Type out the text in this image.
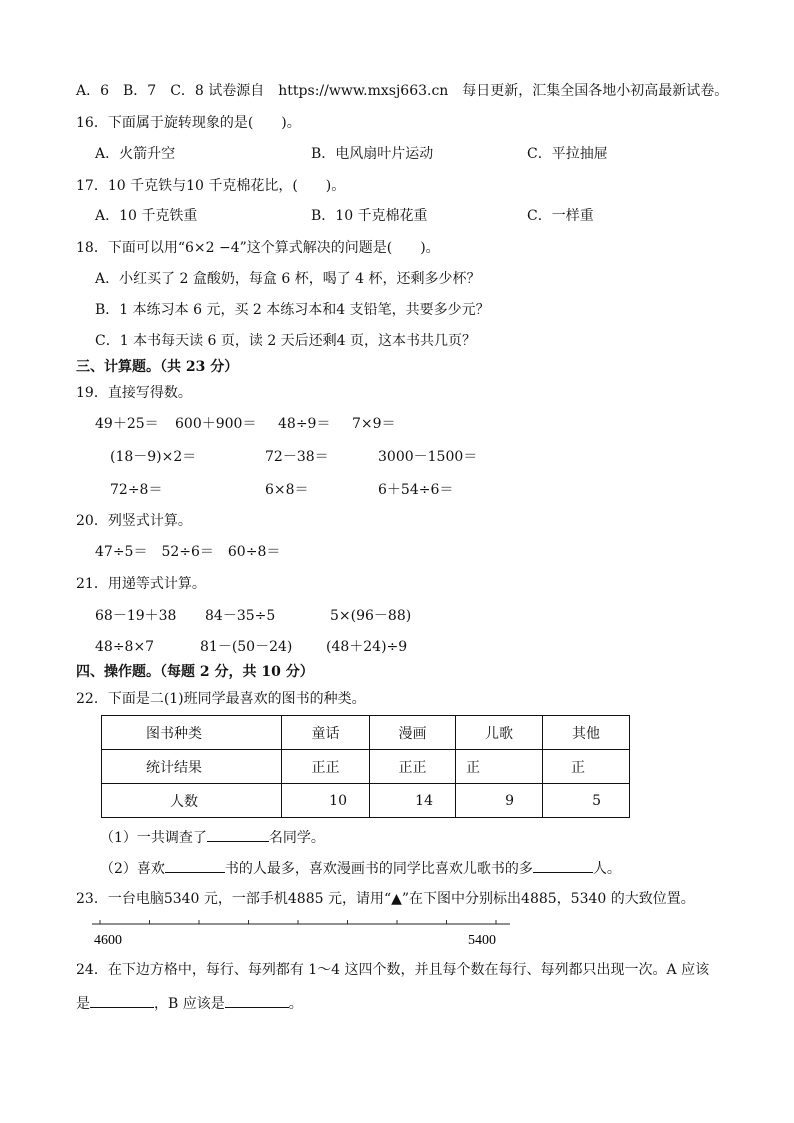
A．6　B．7　C．8 试卷源自　https://www.mxsj663.cn　每日更新，汇集全国各地小初高最新试卷。
16．下面属于旋转现象的是(　　)。
A．火箭升空	B．电风扇叶片运动	C．平拉抽屉
17．10 千克铁与10 千克棉花比，(　　)。
A．10 千克铁重	B．10 千克棉花重	C．一样重
18．下面可以用“6×2 −4”这个算式解决的问题是(　　)。
A．小红买了 2 盒酸奶，每盒 6 杯，喝了 4 杯，还剩多少杯？
B．1 本练习本 6 元，买 2 本练习本和4 支铅笔，共要多少元？
C．1 本书每天读 6 页，读 2 天后还剩4 页，这本书共几页？
三、计算题。（共 23 分）
19．直接写得数。
49＋25＝ 600＋900＝ 48÷9＝ 7×9＝
(18－9)×2＝	72－38＝	3000－1500＝
72÷8＝	6×8＝	6＋54÷6＝
20．列竖式计算。
47÷5＝　52÷6＝　60÷8＝
21．用递等式计算。
68－19＋38 84－35÷5	5×(96－88)
48÷8×7	81－(50－24) (48＋24)÷9
四、操作题。（每题 2 分，共 10 分）
22．下面是二(1)班同学最喜欢的图书的种类。
图书种类	童话	漫画	儿歌	其他
统计结果	正正	正正	正	正
人数	10	14	9	5
（1）一共调查了	名同学。
（2）喜欢	书的人最多，喜欢漫画书的同学比喜欢儿歌书的多	人。
23．一台电脑5340 元，一部手机4885 元，请用“▲”在下图中分别标出4885，5340 的大致位置。
4600	5400
24．在下边方格中，每行、每列都有 1～4 这四个数，并且每个数在每行、每列都只出现一次。A 应该
是	，B 应该是	。
